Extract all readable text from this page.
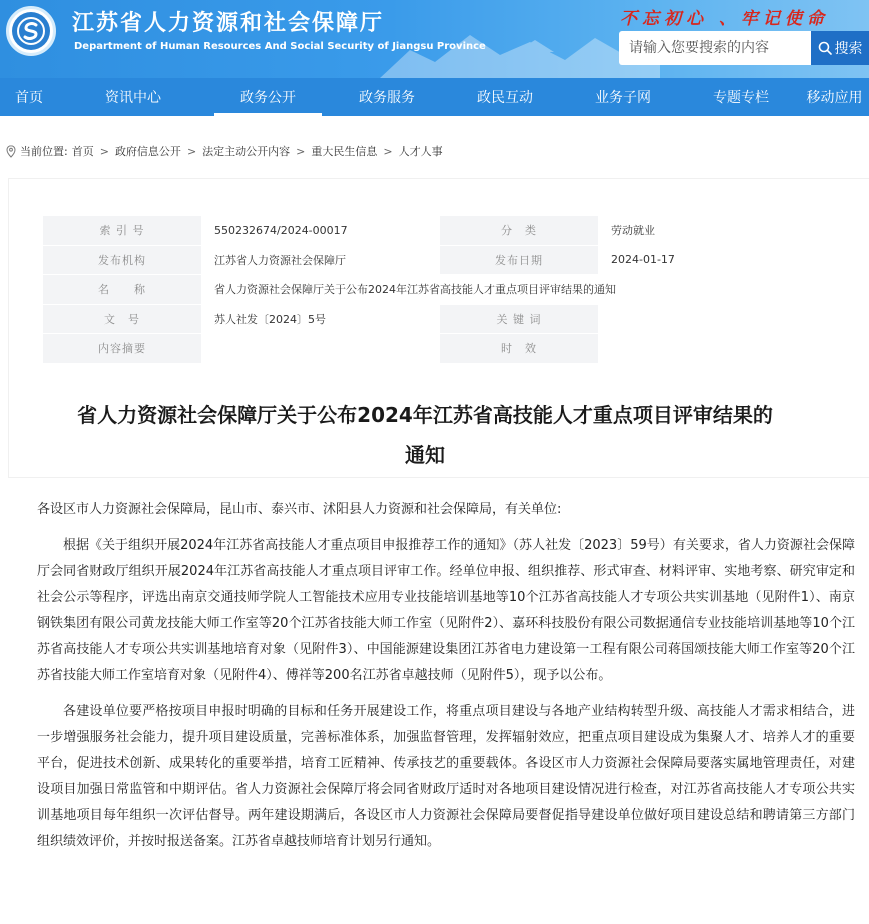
江苏省人力资源和社会保障厅
Department of Human Resources And Social Security of Jiangsu Province
不忘初心 、牢记使命
请输入您要搜索的内容
搜索
首页	资讯中心	政务公开	政务服务	政民互动	业务子网	专题专栏	移动应用
当前位置: 首页 > 政府信息公开 > 法定主动公开内容 > 重大民生信息 > 人才人事
索 引 号	550232674/2024-00017	分　类	劳动就业
发布机构	江苏省人力资源社会保障厅	发布日期	2024-01-17
名　　称	省人力资源社会保障厅关于公布2024年江苏省高技能人才重点项目评审结果的通知		
文　号	苏人社发〔2024〕5号	关 键 词	
内容摘要		时　效	
省人力资源社会保障厅关于公布2024年江苏省高技能人才重点项目评审结果的
通知

各设区市人力资源社会保障局，昆山市、泰兴市、沭阳县人力资源和社会保障局，有关单位:

根据《关于组织开展2024年江苏省高技能人才重点项目申报推荐工作的通知》（苏人社发〔2023〕59号）有关要求，省人力资源社会保障厅会同省财政厅组织开展2024年江苏省高技能人才重点项目评审工作。经单位申报、组织推荐、形式审查、材料评审、实地考察、研究审定和社会公示等程序，评选出南京交通技师学院人工智能技术应用专业技能培训基地等10个江苏省高技能人才专项公共实训基地（见附件1）、南京钢铁集团有限公司黄龙技能大师工作室等20个江苏省技能大师工作室（见附件2）、嘉环科技股份有限公司数据通信专业技能培训基地等10个江苏省高技能人才专项公共实训基地培育对象（见附件3）、中国能源建设集团江苏省电力建设第一工程有限公司蒋国颂技能大师工作室等20个江苏省技能大师工作室培育对象（见附件4）、傅祥等200名江苏省卓越技师（见附件5），现予以公布。

各建设单位要严格按项目申报时明确的目标和任务开展建设工作，将重点项目建设与各地产业结构转型升级、高技能人才需求相结合，进一步增强服务社会能力，提升项目建设质量，完善标准体系，加强监督管理，发挥辐射效应，把重点项目建设成为集聚人才、培养人才的重要平台，促进技术创新、成果转化的重要举措，培育工匠精神、传承技艺的重要载体。各设区市人力资源社会保障局要落实属地管理责任，对建设项目加强日常监管和中期评估。省人力资源社会保障厅将会同省财政厅适时对各地项目建设情况进行检查，对江苏省高技能人才专项公共实训基地项目每年组织一次评估督导。两年建设期满后，各设区市人力资源社会保障局要督促指导建设单位做好项目建设总结和聘请第三方部门组织绩效评价，并按时报送备案。江苏省卓越技师培育计划另行通知。
